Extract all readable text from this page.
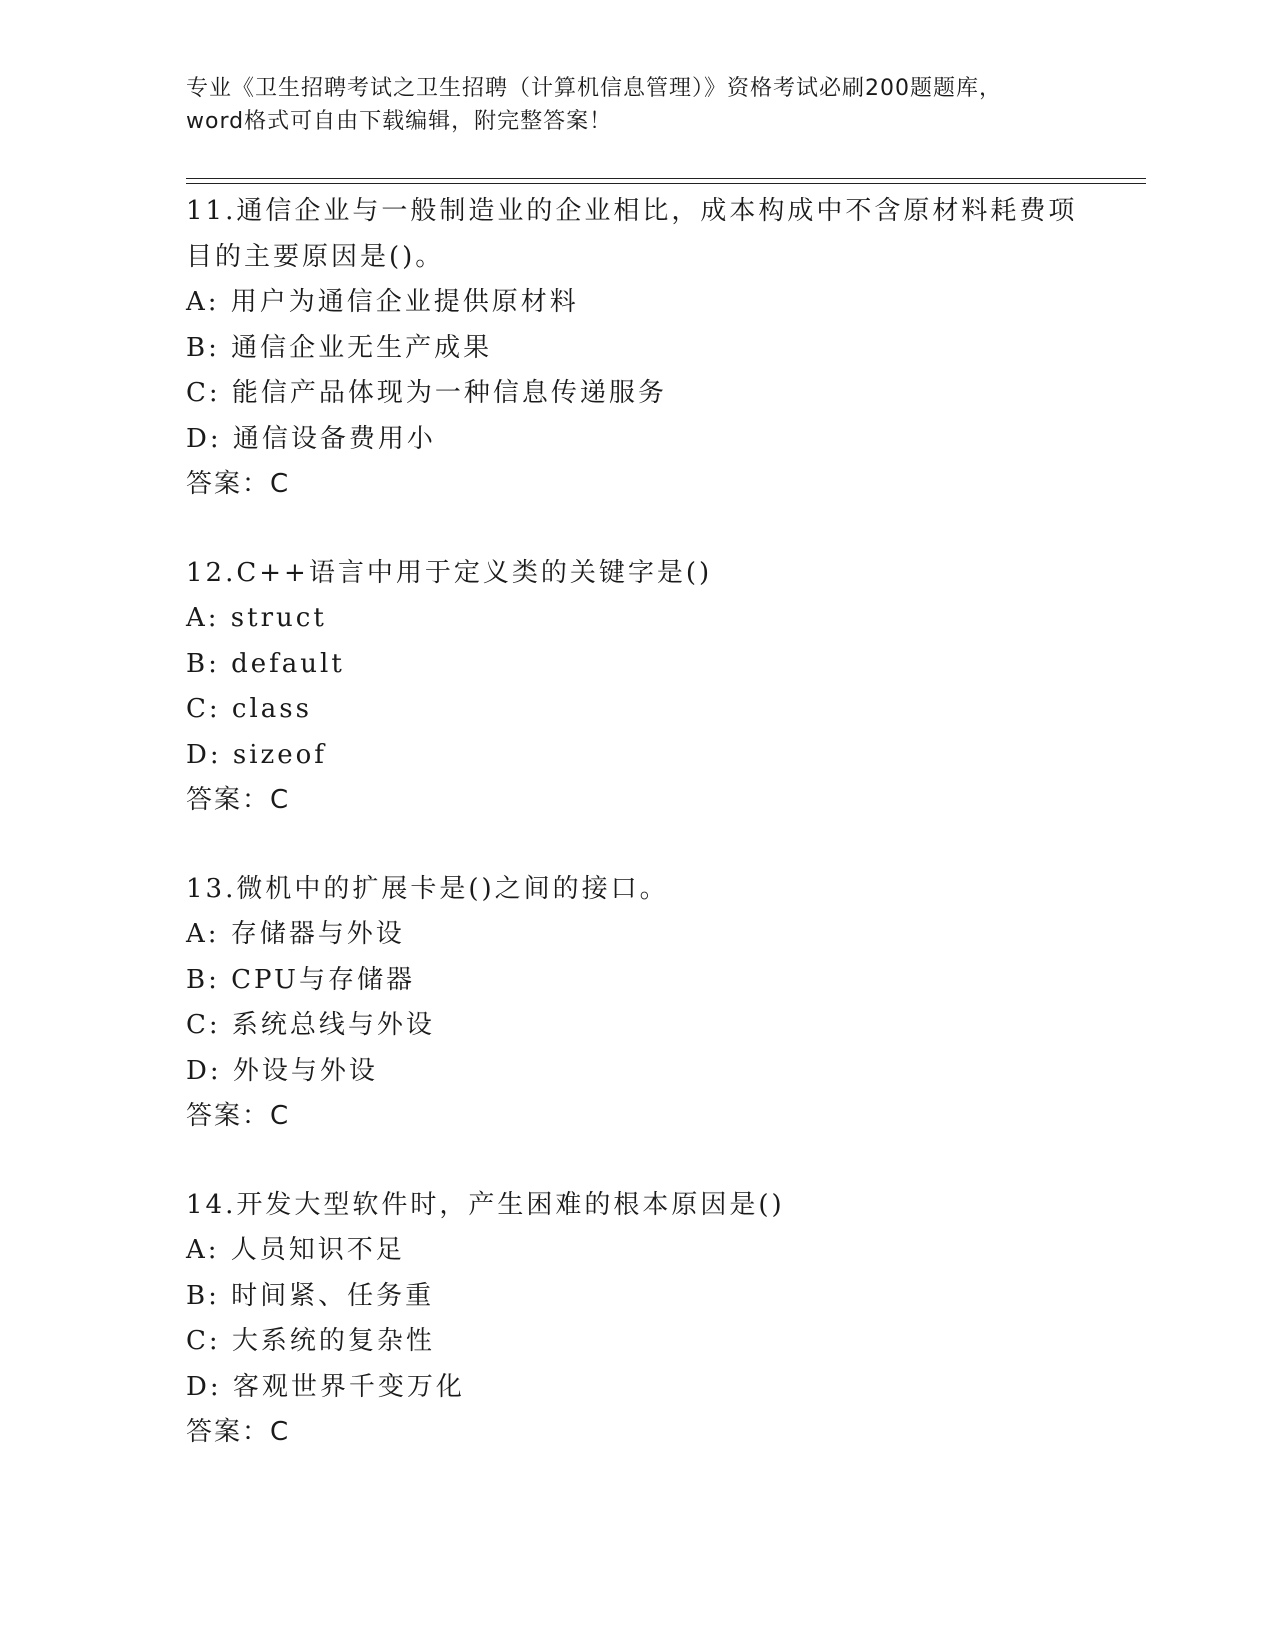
专业《卫生招聘考试之卫生招聘（计算机信息管理）》资格考试必刷200题题库，
word格式可自由下载编辑，附完整答案！
11.通信企业与一般制造业的企业相比，成本构成中不含原材料耗费项
目的主要原因是()。
A: 用户为通信企业提供原材料
B: 通信企业无生产成果
C: 能信产品体现为一种信息传递服务
D: 通信设备费用小
答案：C
12.C++语言中用于定义类的关键字是()
A: struct
B: default
C: class
D: sizeof
答案：C
13.微机中的扩展卡是()之间的接口。
A: 存储器与外设
B: CPU与存储器
C: 系统总线与外设
D: 外设与外设
答案：C
14.开发大型软件时，产生困难的根本原因是()
A: 人员知识不足
B: 时间紧、任务重
C: 大系统的复杂性
D: 客观世界千变万化
答案：C
